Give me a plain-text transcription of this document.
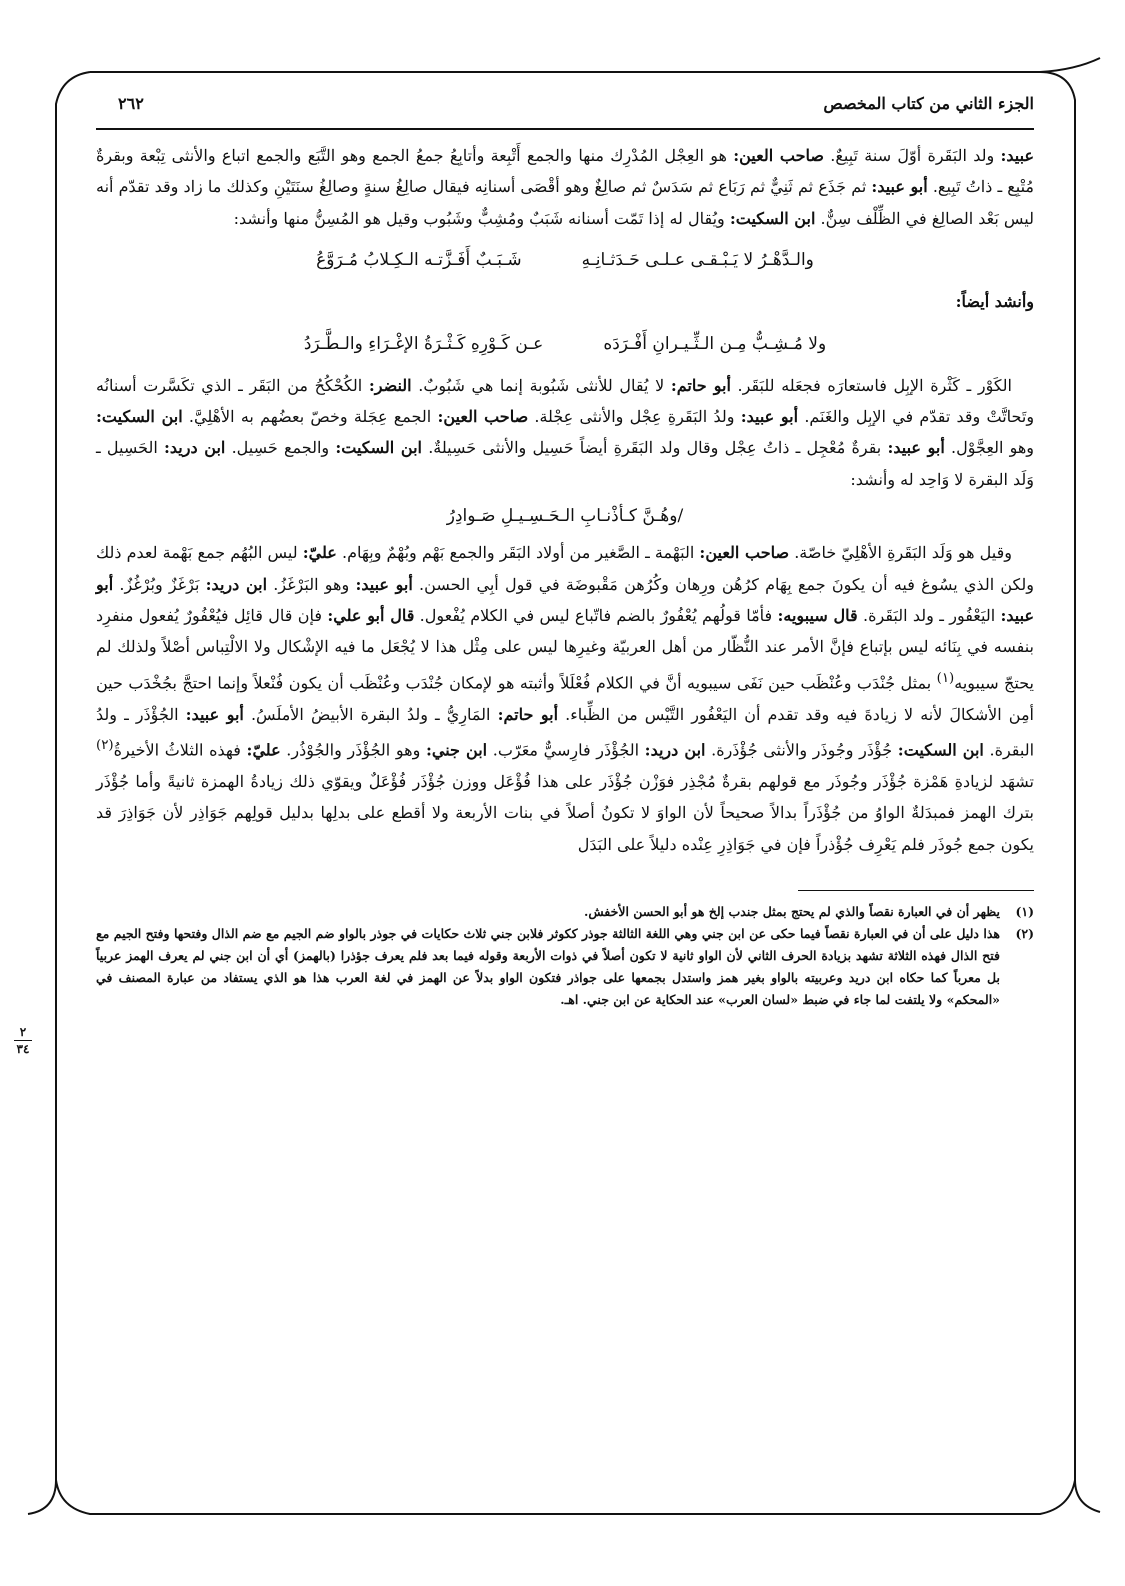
الجزء الثاني من كتاب المخصص
٢٦٢

عبيد: ولد البَقَرة أوّلَ سنة تَبِيعٌ. صاحب العين: هو العِجْل المُدْرِك منها والجمع أَتْبِعة وأتابِعُ جمعُ الجمع وهو التَّبَع والجمع اتباع والأنثى تِبْعة وبقرةٌ مُتْبِع ـ ذاتُ تَبِيع. أبو عبيد: ثم جَذَع ثم ثَنِيٌّ ثم رَبَاع ثم سَدَسٌ ثم صالِغٌ وهو أقْصَى أسنانِه فيقال صالِغُ سنةٍ وصالِغُ سنَتَيْنِ وكذلك ما زاد وقد تقدّم أنه ليس بَعْد الصالِغ في الظِّلْف سِنٌّ. ابن السكيت: ويُقال له إذا تَمّت أسنانه شَبَبٌ ومُشِبٌّ وشَبُوب وقيل هو المُسِنُّ منها وأنشد:

والـدَّهْـرُ لا يَـبْـقـى عـلـى حَـدَثـانِـهِ
شَـبَـبٌ أَفَـزَّتـه الـكِـلابُ مُـرَوَّعُ

وأنشد أيضاً:

ولا مُـشِـبٌّ مِـن الـثِّـيـرانِ أَفْـرَدَه
عـن كَـوْرِهِ كَـثْـرَةُ الإغْـرَاءِ والـطَّـرَدُ

الكَوْر ـ كَثْرة الإبِل فاستعارَه فجعَله للبَقَر. أبو حاتم: لا يُقال للأنثى شَبُوبة إنما هي شَبُوبٌ. النضر: الكُحْكُحُ من البَقَر ـ الذي تكَسَّرت أسنانُه وتَحاتَّتْ وقد تقدّم في الإبِل والغَنَم. أبو عبيد: ولدُ البَقَرةِ عِجْل والأنثى عِجْلة. صاحب العين: الجمع عِجَلة وخصّ بعضُهم به الأهْلِيَّ. ابن السكيت: وهو العِجَّوْل. أبو عبيد: بقرةٌ مُعْجِل ـ ذاتُ عِجْل وقال ولد البَقَرةِ أيضاً حَسِيل والأنثى حَسِيلةٌ. ابن السكيت: والجمع حَسِيل. ابن دريد: الحَسِيل ـ وَلَد البقرة لا وَاحِد له وأنشد:

/وهُـنَّ كـأذْنـابِ الـحَـسِـيـلِ صَـوادِرُ

وقيل هو وَلَد البَقَرةِ الأهْلِيّ خاصّة. صاحب العين: البَهْمة ـ الصَّغير من أولاد البَقَر والجمع بَهْم وبُهْمٌ وبِهَام. عليّ: ليس البُهُم جمع بَهْمة لعدم ذلك ولكن الذي يسُوغ فيه أن يكونَ جمع بِهَام كرُهُن ورِهان وكُرُهن مَقْبوضَة في قول أبِي الحسن. أبو عبيد: وهو البَرْغَزُ. ابن دريد: بَرْغَزٌ وبُرْغُزٌ. أبو عبيد: اليَعْفُور ـ ولد البَقَرة. قال سيبويه: فأمّا قولُهم يُعْفُورٌ بالضم فاتّباع ليس في الكلام يُفْعول. قال أبو علي: فإن قال قائِل فيُعْفُورٌ يُفعول منفرِد بنفسه في بِنَائه ليس بإتباع فإنَّ الأمر عند النُّظّار من أهل العربيّة وغيرِها ليس على مِثْل هذا لا يُجْعَل ما فيه الإشْكال ولا الالْتِباس أصْلاً ولذلك لم يحتجّ سيبويه$^{(١)}$ بمثل جُنْدَب وعُنْظَب حين نَفَى سيبويه أنَّ في الكلام فُعْلَلاً وأثبته هو لإمكان جُنْدَب وعُنْظَب أن يكون فُنْعلاً وإنما احتجَّ بجُخْدَب حين أمِن الأشكالَ لأنه لا زيادةَ فيه وقد تقدم أن اليَعْفُور التَّيْس من الظِّباء. أبو حاتم: المَارِيُّ ـ ولدُ البقرة الأبيضُ الأملَسُ. أبو عبيد: الجُؤْذَر ـ ولدُ البقرة. ابن السكيت: جُؤْذَر وجُوذَر والأنثى جُؤْذَرة. ابن دريد: الجُؤْذَر فارِسيٌّ معَرّب. ابن جني: وهو الجُؤْذَر والجُوْذُر. عليّ: فهذه الثلاثُ الأخيرةُ$^{(٢)}$ تشهَد لزيادةِ هَمْزة جُؤْذَر وجُوذَر مع قولهم بقرةٌ مُجْذِر فوَزْن جُؤْذَر على هذا فُؤْعَل ووزن جُؤْذَر فُؤْعَلٌ ويقوّي ذلك زيادةُ الهمزة ثانيةً وأما جُؤْذَر بترك الهمز فمبدَلةٌ الواوُ من جُؤْذَراً بدالاً صحيحاً لأن الواوَ لا تكونُ أصلاً في بنات الأربعة ولا أقطع على بدلِها بدليل قولِهم جَوَاذِر لأن جَوَاذِرَ قد يكون جمع جُوذَر فلم يَعْرِف جُؤْذراً فإن في جَوَاذِرِ عِنْده دليلاً على البَدَل

(١)
يظهر أن في العبارة نقصاً والذي لم يحتج بمثل جندب إلخ هو أبو الحسن الأخفش.

(٢)
هذا دليل على أن في العبارة نقصاً فيما حكى عن ابن جني وهي اللغة الثالثة جوذر ككوثر فلابن جني ثلاث حكايات في جوذر بالواو ضم الجيم مع ضم الذال وفتحها وفتح الجيم مع فتح الذال فهذه الثلاثة تشهد بزيادة الحرف الثاني لأن الواو ثانية لا تكون أصلاً في ذوات الأربعة وقوله فيما بعد فلم يعرف جؤذرا (بالهمز) أي أن ابن جني لم يعرف الهمز عربياً بل معرباً كما حكاه ابن دريد وعربيته بالواو بغير همز واستدل بجمعها على جواذر فتكون الواو بدلاً عن الهمز في لغة العرب هذا هو الذي يستفاد من عبارة المصنف في «المحكم» ولا يلتفت لما جاء في ضبط «لسان العرب» عند الحكاية عن ابن جني. اهـ.

٢
٣٤
